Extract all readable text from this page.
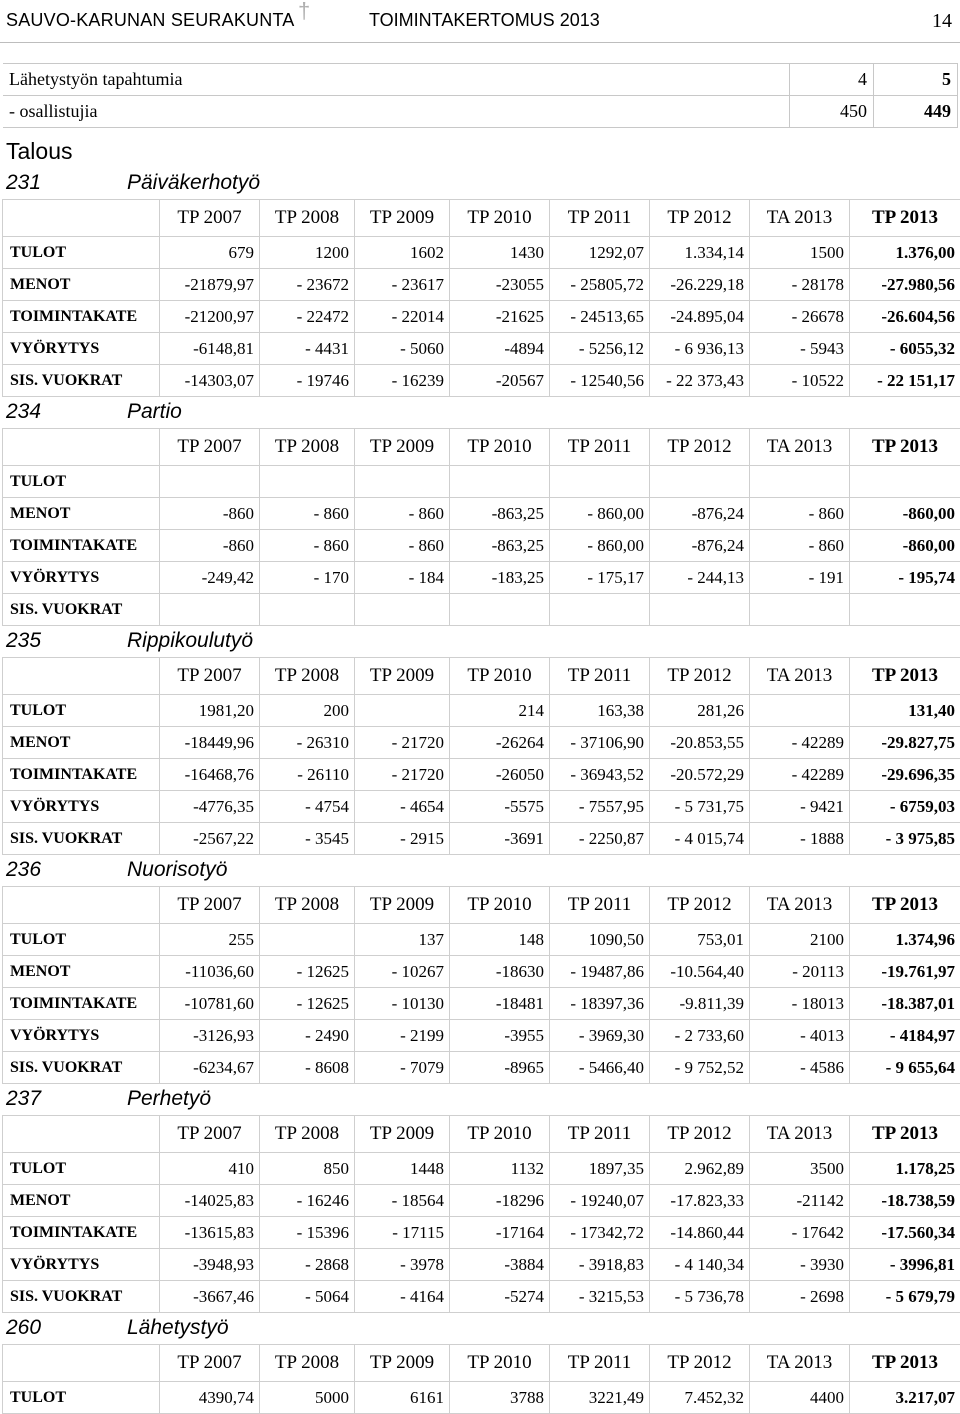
SAUVO-KARUNAN SEURAKUNTA †	TOIMINTAKERTOMUS 2013	14
Lähetystyön tapahtumia	4	5
- osallistujia	450	449
Talous
231	Päiväkerhotyö
	TP 2007	TP 2008	TP 2009	TP 2010	TP 2011	TP 2012	TA 2013	TP 2013
TULOT	679	1200	1602	1430	1292,07	1.334,14	1500	1.376,00
MENOT	-21879,97	- 23672	- 23617	-23055	- 25805,72	-26.229,18	- 28178	-27.980,56
TOIMINTAKATE	-21200,97	- 22472	- 22014	-21625	- 24513,65	-24.895,04	- 26678	-26.604,56
VYÖRYTYS	-6148,81	- 4431	- 5060	-4894	- 5256,12	- 6 936,13	- 5943	- 6055,32
SIS. VUOKRAT	-14303,07	- 19746	- 16239	-20567	- 12540,56	- 22 373,43	- 10522	- 22 151,17
234	Partio
	TP 2007	TP 2008	TP 2009	TP 2010	TP 2011	TP 2012	TA 2013	TP 2013
TULOT								
MENOT	-860	- 860	- 860	-863,25	- 860,00	-876,24	- 860	-860,00
TOIMINTAKATE	-860	- 860	- 860	-863,25	- 860,00	-876,24	- 860	-860,00
VYÖRYTYS	-249,42	- 170	- 184	-183,25	- 175,17	- 244,13	- 191	- 195,74
SIS. VUOKRAT								
235	Rippikoulutyö
	TP 2007	TP 2008	TP 2009	TP 2010	TP 2011	TP 2012	TA 2013	TP 2013
TULOT	1981,20	200		214	163,38	281,26		131,40
MENOT	-18449,96	- 26310	- 21720	-26264	- 37106,90	-20.853,55	- 42289	-29.827,75
TOIMINTAKATE	-16468,76	- 26110	- 21720	-26050	- 36943,52	-20.572,29	- 42289	-29.696,35
VYÖRYTYS	-4776,35	- 4754	- 4654	-5575	- 7557,95	- 5 731,75	- 9421	- 6759,03
SIS. VUOKRAT	-2567,22	- 3545	- 2915	-3691	- 2250,87	- 4 015,74	- 1888	- 3 975,85
236	Nuorisotyö
	TP 2007	TP 2008	TP 2009	TP 2010	TP 2011	TP 2012	TA 2013	TP 2013
TULOT	255		137	148	1090,50	753,01	2100	1.374,96
MENOT	-11036,60	- 12625	- 10267	-18630	- 19487,86	-10.564,40	- 20113	-19.761,97
TOIMINTAKATE	-10781,60	- 12625	- 10130	-18481	- 18397,36	-9.811,39	- 18013	-18.387,01
VYÖRYTYS	-3126,93	- 2490	- 2199	-3955	- 3969,30	- 2 733,60	- 4013	- 4184,97
SIS. VUOKRAT	-6234,67	- 8608	- 7079	-8965	- 5466,40	- 9 752,52	- 4586	- 9 655,64
237	Perhetyö
	TP 2007	TP 2008	TP 2009	TP 2010	TP 2011	TP 2012	TA 2013	TP 2013
TULOT	410	850	1448	1132	1897,35	2.962,89	3500	1.178,25
MENOT	-14025,83	- 16246	- 18564	-18296	- 19240,07	-17.823,33	-21142	-18.738,59
TOIMINTAKATE	-13615,83	- 15396	- 17115	-17164	- 17342,72	-14.860,44	- 17642	-17.560,34
VYÖRYTYS	-3948,93	- 2868	- 3978	-3884	- 3918,83	- 4 140,34	- 3930	- 3996,81
SIS. VUOKRAT	-3667,46	- 5064	- 4164	-5274	- 3215,53	- 5 736,78	- 2698	- 5 679,79
260	Lähetystyö
	TP 2007	TP 2008	TP 2009	TP 2010	TP 2011	TP 2012	TA 2013	TP 2013
TULOT	4390,74	5000	6161	3788	3221,49	7.452,32	4400	3.217,07
